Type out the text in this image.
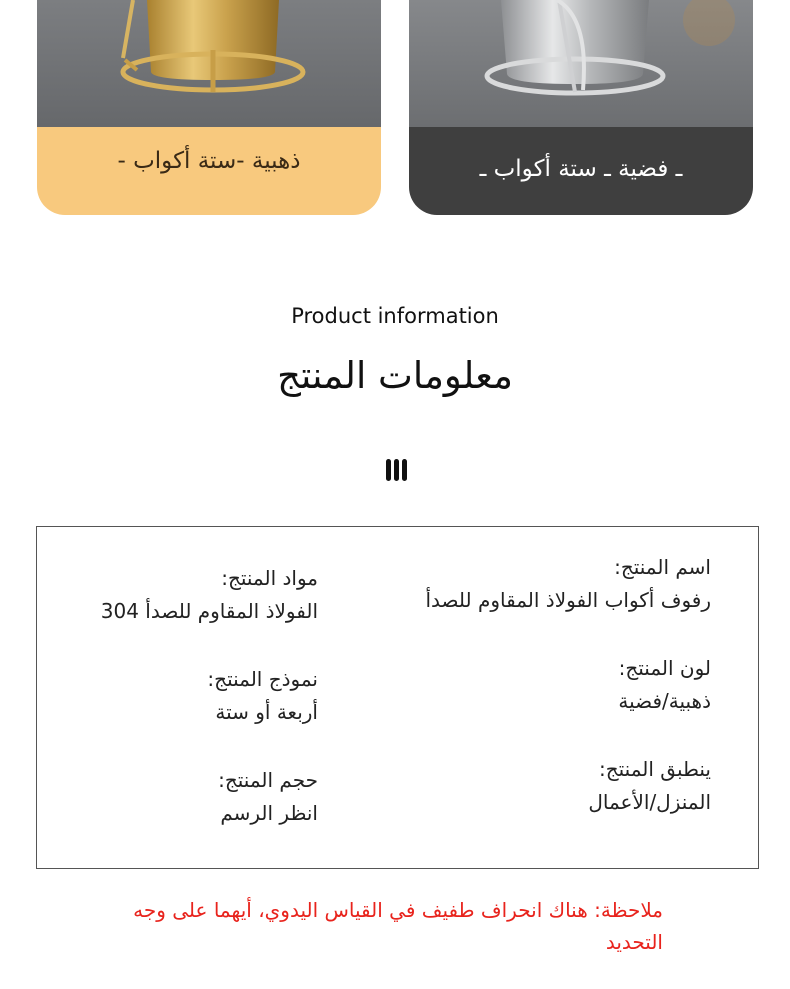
ذهبية -ستة أكواب -	ـ فضية ـ ستة أكواب ـ
Product information
معلومات المنتج
اسم المنتج:
رفوف أكواب الفولاذ المقاوم للصدأ
مواد المنتج:
الفولاذ المقاوم للصدأ 304
لون المنتج:
ذهبية/فضية
نموذج المنتج:
أربعة أو ستة
ينطبق المنتج:
المنزل/الأعمال
حجم المنتج:
انظر الرسم
ملاحظة: هناك انحراف طفيف في القياس اليدوي، أيهما على وجه التحديد
